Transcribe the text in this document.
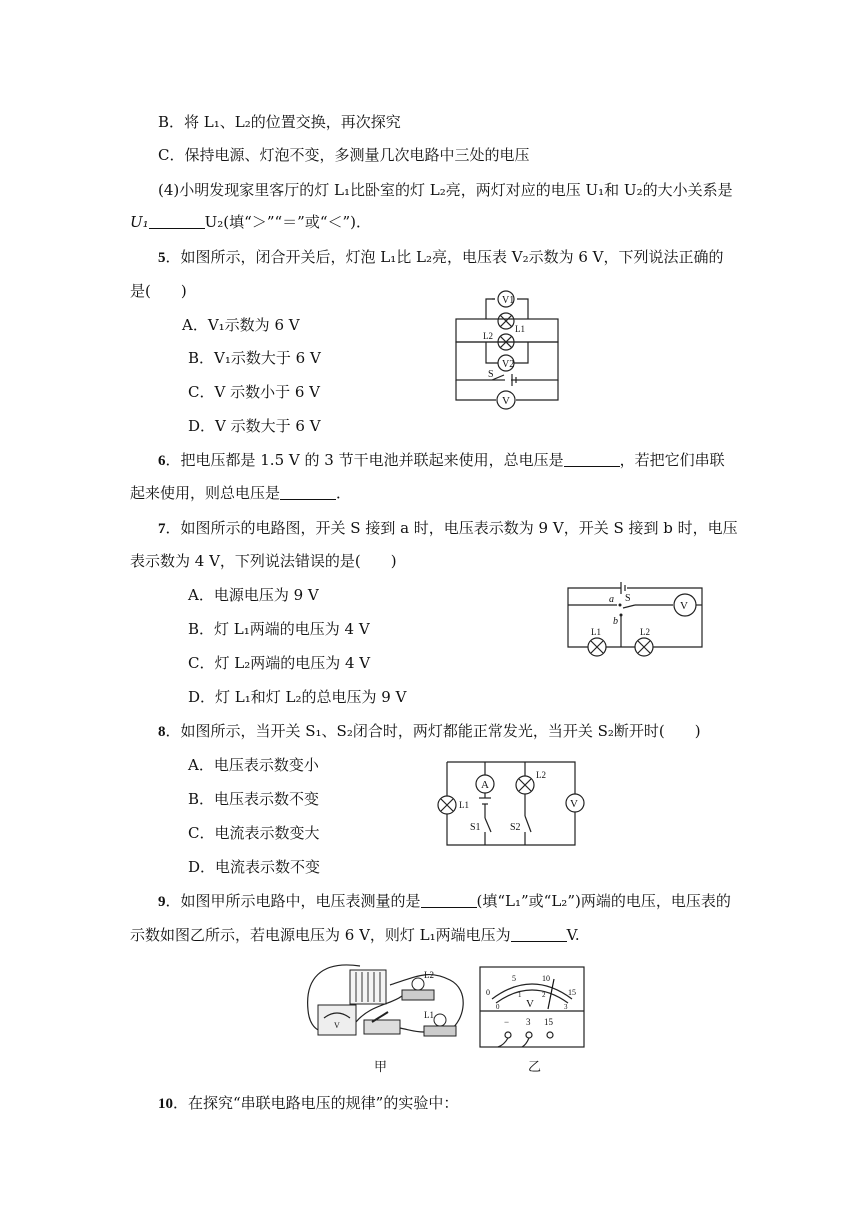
B．将 L₁、L₂的位置交换，再次探究
C．保持电源、灯泡不变，多测量几次电路中三处的电压
(4)小明发现家里客厅的灯 L₁比卧室的灯 L₂亮，两灯对应的电压 U₁和 U₂的大小关系是
U₁	U₂(填“＞”“＝”或“＜”)．
5．如图所示，闭合开关后，灯泡 L₁比 L₂亮，电压表 V₂示数为 6 V，下列说法正确的
是(　　)
A．V₁示数为 6 V
B．V₁示数大于 6 V
C．V 示数小于 6 V
D．V 示数大于 6 V
V1
L1
L2
V2
S
V
6．把电压都是 1.5 V 的 3 节干电池并联起来使用，总电压是	，若把它们串联
起来使用，则总电压是	．
7．如图所示的电路图，开关 S 接到 a 时，电压表示数为 9 V，开关 S 接到 b 时，电压
表示数为 4 V，下列说法错误的是(　　)
A．电源电压为 9 V
B．灯 L₁两端的电压为 4 V
C．灯 L₂两端的电压为 4 V
D．灯 L₁和灯 L₂的总电压为 9 V
a S
V
b
L1	L2
8．如图所示，当开关 S₁、S₂闭合时，两灯都能正常发光，当开关 S₂断开时(　　)
A．电压表示数变小
B．电压表示数不变
C．电流表示数变大
D．电流表示数不变
L1	V
A
S1
L2
S2
9．如图甲所示电路中，电压表测量的是	(填“L₁”或“L₂”)两端的电压，电压表的
示数如图乙所示，若电源电压为 6 V，则灯 L₁两端电压为	V.
V
L2
L1
甲
0
5	10
15
0
1	2
3
V
− 3 15
乙
10．在探究“串联电路电压的规律”的实验中：
